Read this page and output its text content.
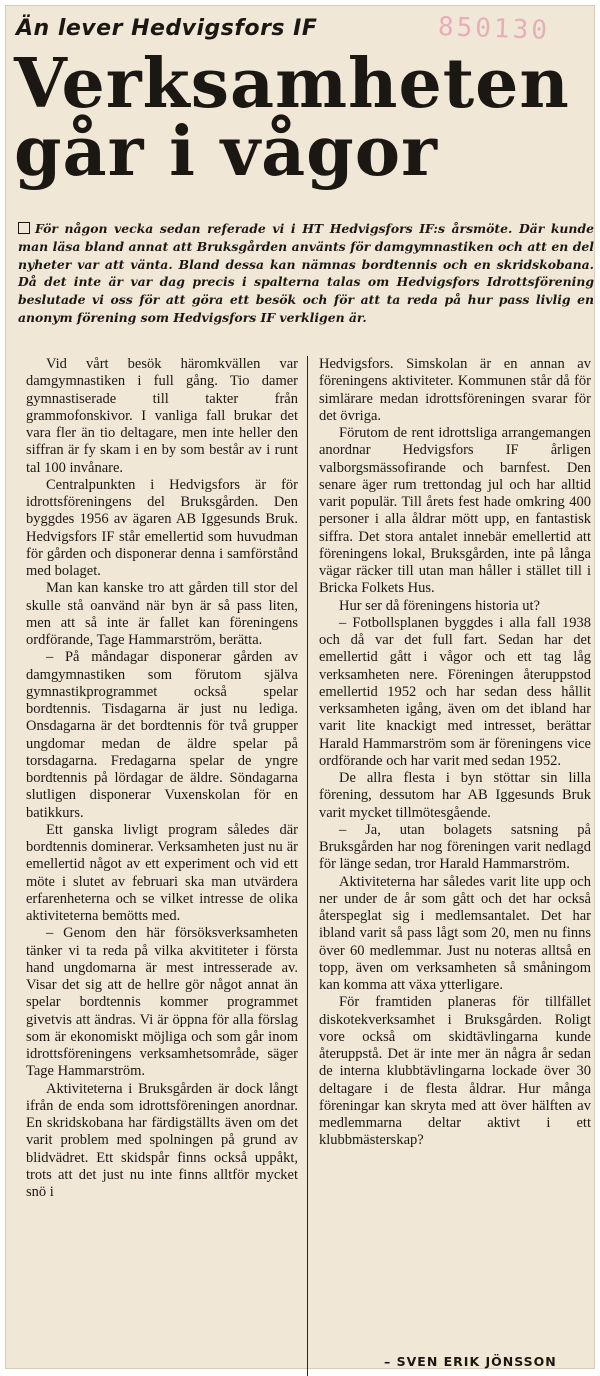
Än lever Hedvigsfors IF	850130
Verksamheten
går i vågor
För någon vecka sedan referade vi i HT Hedvigsfors IF:s årsmöte. Där kunde man läsa bland annat att Bruksgården använts för damgymnastiken och att en del nyheter var att vänta. Bland dessa kan nämnas bordtennis och en skridskobana. Då det inte är var dag precis i spalterna talas om Hedvigsfors Idrottsförening beslutade vi oss för att göra ett besök och för att ta reda på hur pass livlig en anonym förening som Hedvigsfors IF verkligen är.

Vid vårt besök häromkvällen var damgymnastiken i full gång. Tio damer gymnastiserade till takter från grammofonskivor. I vanliga fall brukar det vara fler än tio deltagare, men inte heller den siffran är fy skam i en by som består av i runt tal 100 invånare.

Centralpunkten i Hedvigsfors är för idrottsföreningens del Bruksgården. Den byggdes 1956 av ägaren AB Iggesunds Bruk. Hedvigsfors IF står emellertid som huvudman för gården och disponerar denna i samförstånd med bolaget.

Man kan kanske tro att gården till stor del skulle stå oanvänd när byn är så pass liten, men att så inte är fallet kan föreningens ordförande, Tage Hammarström, berätta.

– På måndagar disponerar gården av damgymnastiken som förutom själva gymnastikprogrammet också spelar bordtennis. Tisdagarna är just nu lediga. Onsdagarna är det bordtennis för två grupper ungdomar medan de äldre spelar på torsdagarna. Fredagarna spelar de yngre bordtennis på lördagar de äldre. Söndagarna slutligen disponerar Vuxenskolan för en batikkurs.

Ett ganska livligt program således där bordtennis dominerar. Verksamheten just nu är emellertid något av ett experiment och vid ett möte i slutet av februari ska man utvärdera erfarenheterna och se vilket intresse de olika aktiviteterna bemötts med.

– Genom den här försöksverksamheten tänker vi ta reda på vilka akvititeter i första hand ungdomarna är mest intresserade av. Visar det sig att de hellre gör något annat än spelar bordtennis kommer programmet givetvis att ändras. Vi är öppna för alla förslag som är ekonomiskt möjliga och som går inom idrottsföreningens verksamhetsområde, säger Tage Hammarström.

Aktiviteterna i Bruksgården är dock långt ifrån de enda som idrottsföreningen anordnar. En skridskobana har färdigställts även om det varit problem med spolningen på grund av blidvädret. Ett skidspår finns också uppåkt, trots att det just nu inte finns alltför mycket snö i

Hedvigsfors. Simskolan är en annan av föreningens aktiviteter. Kommunen står då för simlärare medan idrottsföreningen svarar för det övriga.

Förutom de rent idrottsliga arrangemangen anordnar Hedvigsfors IF årligen valborgsmässofirande och barnfest. Den senare äger rum trettondag jul och har alltid varit populär. Till årets fest hade omkring 400 personer i alla åldrar mött upp, en fantastisk siffra. Det stora antalet innebär emellertid att föreningens lokal, Bruksgården, inte på långa vägar räcker till utan man håller i stället till i Bricka Folkets Hus.

Hur ser då föreningens historia ut?

– Fotbollsplanen byggdes i alla fall 1938 och då var det full fart. Sedan har det emellertid gått i vågor och ett tag låg verksamheten nere. Föreningen återuppstod emellertid 1952 och har sedan dess hållit verksamheten igång, även om det ibland har varit lite knackigt med intresset, berättar Harald Hammarström som är föreningens vice ordförande och har varit med sedan 1952.

De allra flesta i byn stöttar sin lilla förening, dessutom har AB Iggesunds Bruk varit mycket tillmötesgående.

– Ja, utan bolagets satsning på Bruksgården har nog föreningen varit nedlagd för länge sedan, tror Harald Hammarström.

Aktiviteterna har således varit lite upp och ner under de år som gått och det har också återspeglat sig i medlemsantalet. Det har ibland varit så pass lågt som 20, men nu finns över 60 medlemmar. Just nu noteras alltså en topp, även om verksamheten så småningom kan komma att växa ytterligare.

För framtiden planeras för tillfället diskotekverksamhet i Bruksgården. Roligt vore också om skidtävlingarna kunde återuppstå. Det är inte mer än några år sedan de interna klubbtävlingarna lockade över 30 deltagare i de flesta åldrar. Hur många föreningar kan skryta med att över hälften av medlemmarna deltar aktivt i ett klubbmästerskap?

– SVEN ERIK JÖNSSON
